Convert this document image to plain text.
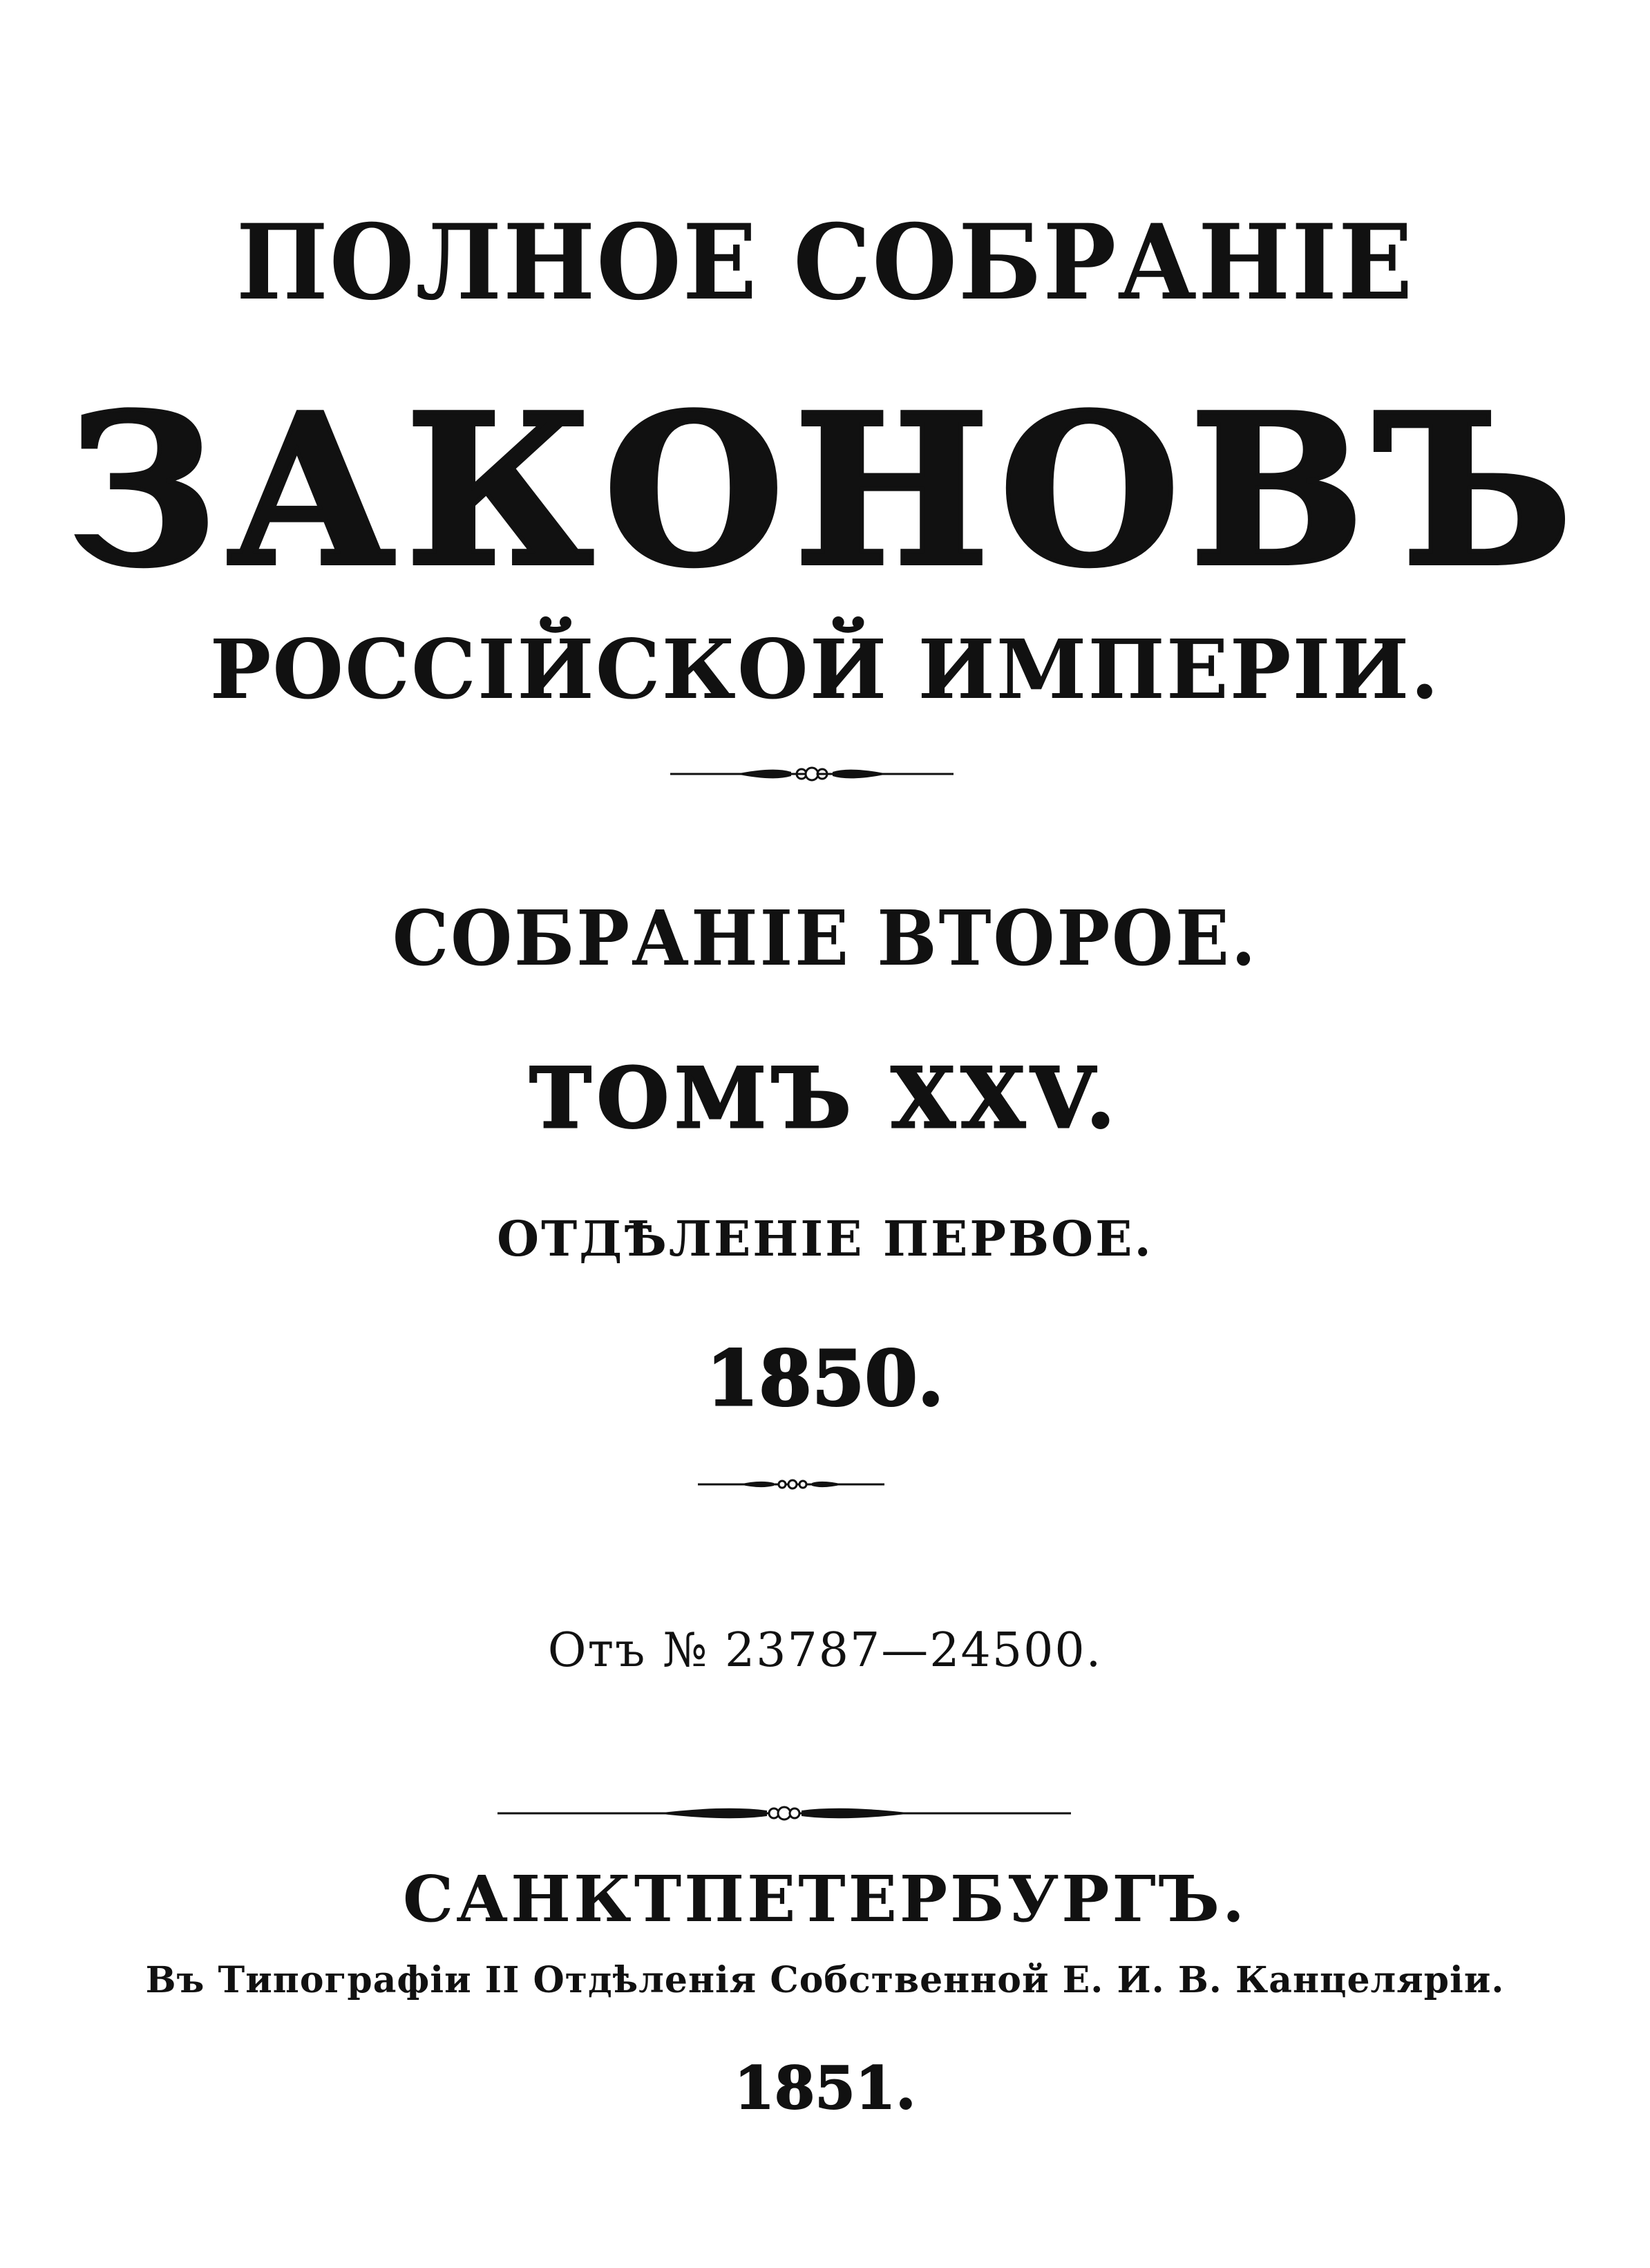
ПОЛНОЕ СОБРАНІЕ
ЗАКОНОВЪ
РОССІЙСКОЙ ИМПЕРІИ.
СОБРАНІЕ ВТОРОЕ.
ТОМЪ XXV.
ОТДѢЛЕНІЕ ПЕРВОЕ.
1850.
Отъ № 23787—24500.
САНКТПЕТЕРБУРГЪ.
Въ Типографіи II Отдѣленія Собственной Е. И. В. Канцеляріи.
1851.
